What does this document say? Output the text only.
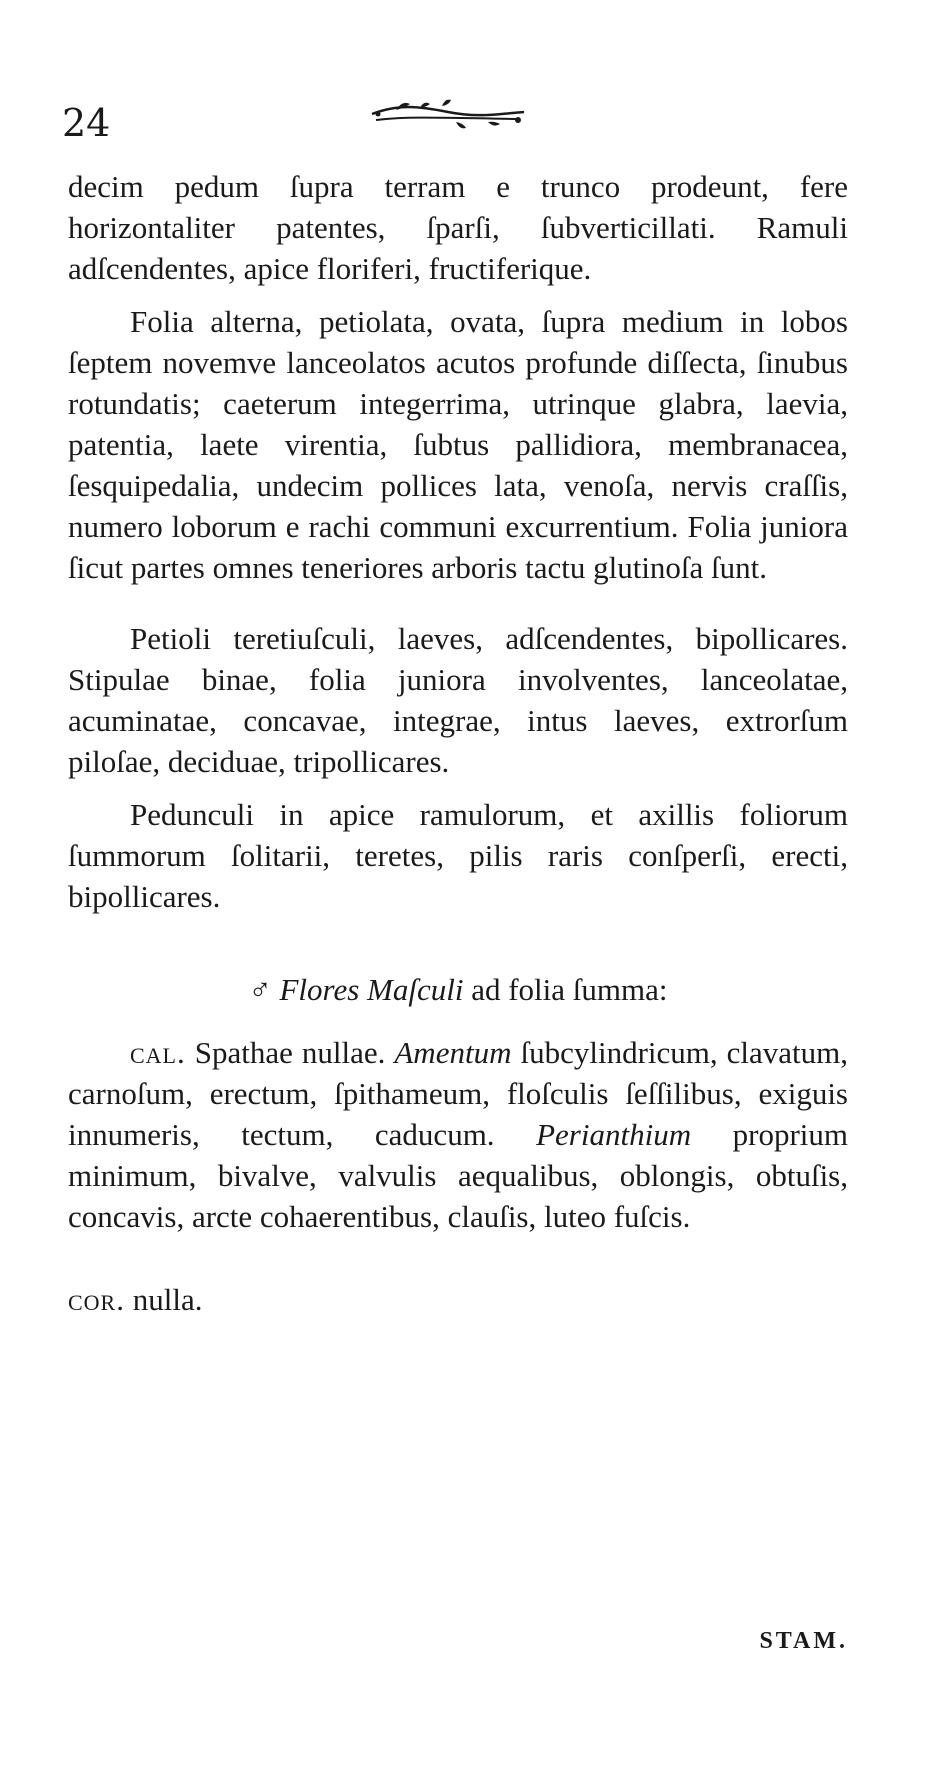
24

decim pedum ſupra terram e trunco prodeunt, fere horizontaliter patentes, ſparſi, ſubverticillati. Ramuli adſcendentes, apice floriferi, fructiferique.

Folia alterna, petiolata, ovata, ſupra medium in lobos ſeptem novemve lanceolatos acutos profunde diſſecta, ſinubus rotundatis; caeterum integerrima, utrinque glabra, laevia, patentia, laete virentia, ſubtus pallidiora, membranacea, ſesquipedalia, undecim pollices lata, venoſa, nervis craſſis, numero loborum e rachi communi excurrentium. Folia juniora ſicut partes omnes teneriores arboris tactu glutinoſa ſunt.

Petioli teretiuſculi, laeves, adſcendentes, bipollicares. Stipulae binae, folia juniora involventes, lanceolatae, acuminatae, concavae, integrae, intus laeves, extrorſum piloſae, deciduae, tripollicares.

Pedunculi in apice ramulorum, et axillis foliorum ſummorum ſolitarii, teretes, pilis raris conſperſi, erecti, bipollicares.

♂ Flores Maſculi ad folia ſumma:

cal. Spathae nullae. Amentum ſubcylindricum, clavatum, carnoſum, erectum, ſpithameum, floſculis ſeſſilibus, exiguis innumeris, tectum, caducum. Perianthium proprium minimum, bivalve, valvulis aequalibus, oblongis, obtuſis, concavis, arcte cohaerentibus, clauſis, luteo fuſcis.

cor. nulla.

STAM.
